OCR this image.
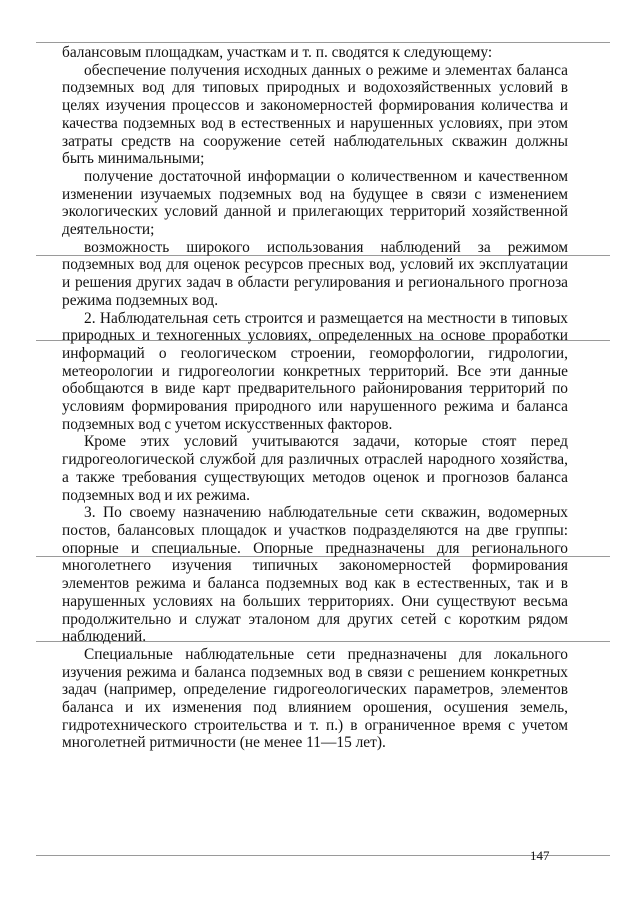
балансовым площадкам, участкам и т. п. сводятся к следующему:

обеспечение получения исходных данных о режиме и элементах баланса подземных вод для типовых природных и водохозяйственных условий в целях изучения процессов и закономерностей формирования количества и качества подземных вод в естественных и нарушенных условиях, при этом затраты средств на сооружение сетей наблюдательных скважин должны быть минимальными;

получение достаточной информации о количественном и качественном изменении изучаемых подземных вод на будущее в связи с изменением экологических условий данной и прилегающих территорий хозяйственной деятельности;

возможность широкого использования наблюдений за режимом подземных вод для оценок ресурсов пресных вод, условий их эксплуатации и решения других задач в области регулирования и регионального прогноза режима подземных вод.

2. Наблюдательная сеть строится и размещается на местности в типовых природных и техногенных условиях, определенных на основе проработки информаций о геологическом строении, геоморфологии, гидрологии, метеорологии и гидрогеологии конкретных территорий. Все эти данные обобщаются в виде карт предварительного районирования территорий по условиям формирования природного или нарушенного режима и баланса подземных вод с учетом искусственных факторов.

Кроме этих условий учитываются задачи, которые стоят перед гидрогеологической службой для различных отраслей народного хозяйства, а также требования существующих методов оценок и прогнозов баланса подземных вод и их режима.

3. По своему назначению наблюдательные сети скважин, водомерных постов, балансовых площадок и участков подразделяются на две группы: опорные и специальные. Опорные предназначены для регионального многолетнего изучения типичных закономерностей формирования элементов режима и баланса подземных вод как в естественных, так и в нарушенных условиях на больших территориях. Они существуют весьма продолжительно и служат эталоном для других сетей с коротким рядом наблюдений.

Специальные наблюдательные сети предназначены для локального изучения режима и баланса подземных вод в связи с решением конкретных задач (например, определение гидрогеологических параметров, элементов баланса и их изменения под влиянием орошения, осушения земель, гидротехнического строительства и т. п.) в ограниченное время с учетом многолетней ритмичности (не менее 11—15 лет).

147
